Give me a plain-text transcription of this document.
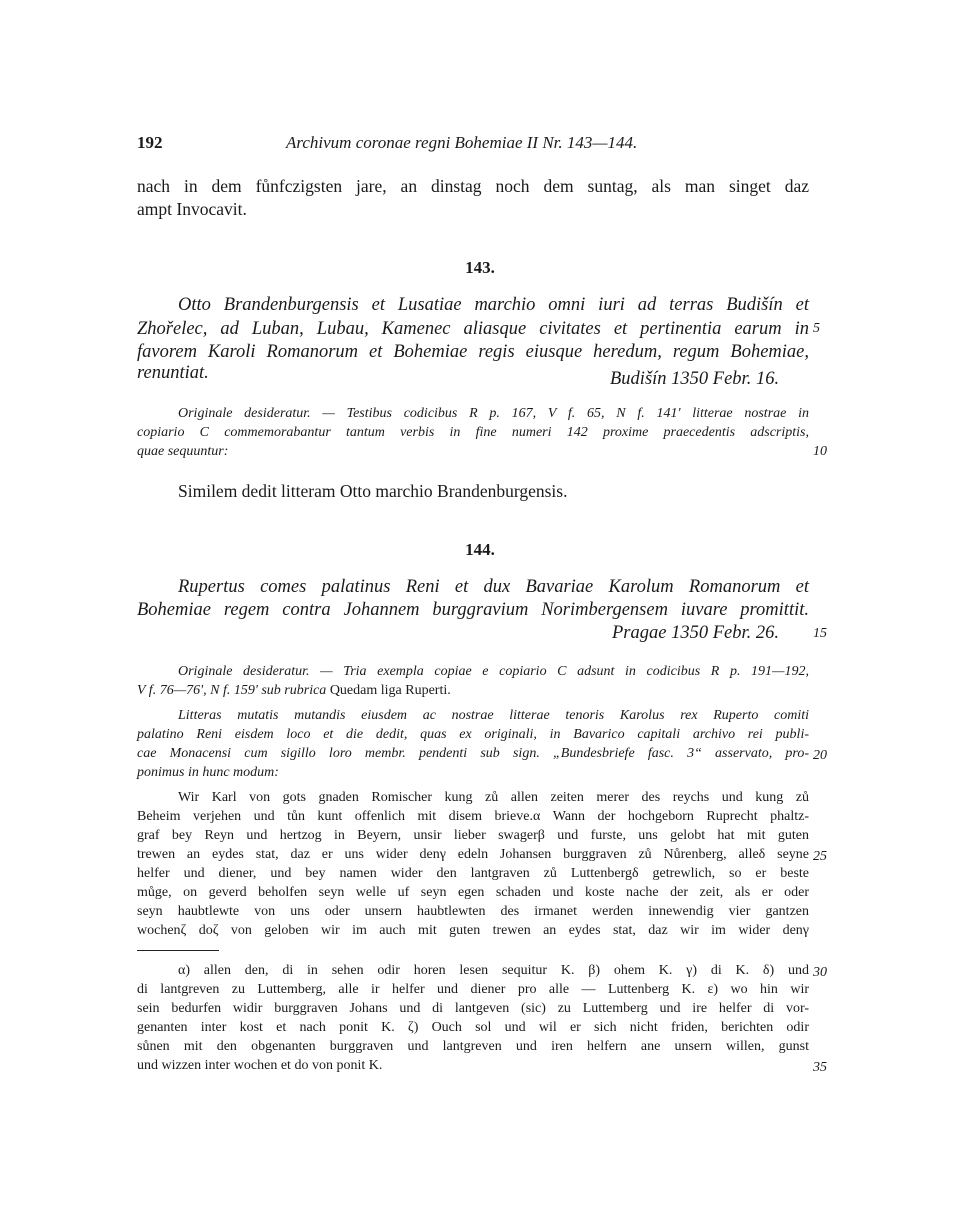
192	Archivum coronae regni Bohemiae II Nr. 143—144.
nach in dem fůnfczigsten jare, an dinstag noch dem suntag, als man singet daz
ampt Invocavit.
143.
Otto Brandenburgensis et Lusatiae marchio omni iuri ad terras Budišín et
Zhořelec, ad Luban, Lubau, Kamenec aliasque civitates et pertinentia earum in 5
favorem Karoli Romanorum et Bohemiae regis eiusque heredum, regum Bohemiae,
renuntiat.	Budišín 1350 Febr. 16.
Originale desideratur. — Testibus codicibus R p. 167, V f. 65, N f. 141' litterae nostrae in
copiario C commemorabantur tantum verbis in fine numeri 142 proxime praecedentis adscriptis,
quae sequuntur:	10
Similem dedit litteram Otto marchio Brandenburgensis.
144.
Rupertus comes palatinus Reni et dux Bavariae Karolum Romanorum et
Bohemiae regem contra Johannem burggravium Norimbergensem iuvare promittit.
Pragae 1350 Febr. 26. 15
Originale desideratur. — Tria exempla copiae e copiario C adsunt in codicibus R p. 191—192,
V f. 76—76', N f. 159' sub rubrica Quedam liga Ruperti.
Litteras mutatis mutandis eiusdem ac nostrae litterae tenoris Karolus rex Ruperto comiti
palatino Reni eisdem loco et die dedit, quas ex originali, in Bavarico capitali archivo rei publi-
cae Monacensi cum sigillo loro membr. pendenti sub sign. „Bundesbriefe fasc. 3“ asservato, pro- 20
ponimus in hunc modum:
Wir Karl von gots gnaden Romischer kung zů allen zeiten merer des reychs und kung zů
Beheim verjehen und tůn kunt offenlich mit disem brieve.α Wann der hochgeborn Ruprecht phaltz-
graf bey Reyn und hertzog in Beyern, unsir lieber swagerβ und furste, uns gelobt hat mit guten
trewen an eydes stat, daz er uns wider denγ edeln Johansen burggraven zů Nůrenberg, alleδ seyne 25
helfer und diener, und bey namen wider den lantgraven zů Luttenbergδ getrewlich, so er beste
můge, on geverd beholfen seyn welle uf seyn egen schaden und koste nache der zeit, als er oder
seyn haubtlewte von uns oder unsern haubtlewten des irmanet werden innewendig vier gantzen
wochenζ doζ von geloben wir im auch mit guten trewen an eydes stat, daz wir im wider denγ
α) allen den, di in sehen odir horen lesen sequitur K. β) ohem K. γ) di K. δ) und 30
di lantgreven zu Luttemberg, alle ir helfer und diener pro alle — Luttenberg K. ε) wo hin wir
sein bedurfen widir burggraven Johans und di lantgeven (sic) zu Luttemberg und ire helfer di vor-
genanten inter kost et nach ponit K. ζ) Ouch sol und wil er sich nicht friden, berichten odir
sůnen mit den obgenanten burggraven und lantgreven und iren helfern ane unsern willen, gunst
und wizzen inter wochen et do von ponit K.	35
